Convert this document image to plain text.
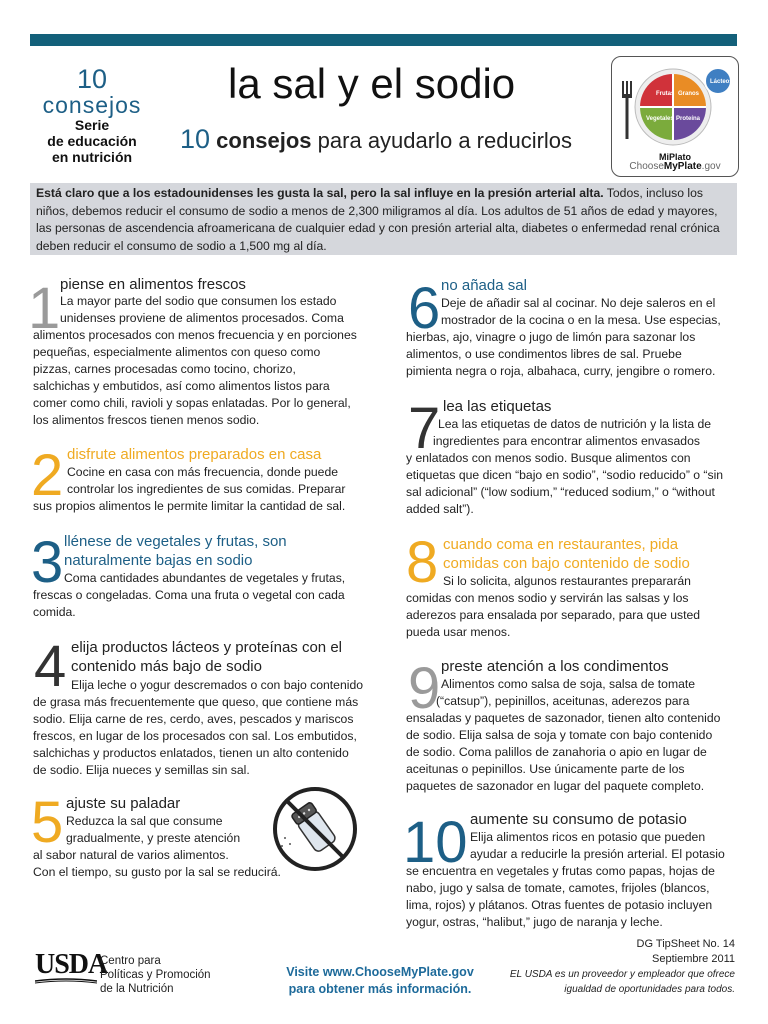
10
consejos
Serie
de educación
en nutrición
la sal y el sodio
10 consejos para ayudarlo a reducirlos
Frutas Granos
Vegetales Proteína
Lácteos
MiPlato
ChooseMyPlate.gov
Está claro que a los estadounidenses les gusta la sal, pero la sal influye en la presión arterial alta. Todos, incluso los niños, debemos reducir el consumo de sodio a menos de 2,300 miligramos al día. Los adultos de 51 años de edad y mayores, las personas de ascendencia afroamericana de cualquier edad y con presión arterial alta, diabetes o enfermedad renal crónica deben reducir el consumo de sodio a 1,500 mg al día.
1 piense en alimentos frescos
La mayor parte del sodio que consumen los estado
unidenses proviene de alimentos procesados. Coma
alimentos procesados con menos frecuencia y en porciones
pequeñas, especialmente alimentos con queso como
pizzas, carnes procesadas como tocino, chorizo,
salchichas y embutidos, así como alimentos listos para
comer como chili, ravioli y sopas enlatadas. Por lo general,
los alimentos frescos tienen menos sodio.
2 disfrute alimentos preparados en casa
Cocine en casa con más frecuencia, donde puede
controlar los ingredientes de sus comidas. Preparar
sus propios alimentos le permite limitar la cantidad de sal.
3 llénese de vegetales y frutas, son
naturalmente bajas en sodio
Coma cantidades abundantes de vegetales y frutas,
frescas o congeladas. Coma una fruta o vegetal con cada
comida.
4 elija productos lácteos y proteínas con el
contenido más bajo de sodio
Elija leche o yogur descremados o con bajo contenido
de grasa más frecuentemente que queso, que contiene más
sodio. Elija carne de res, cerdo, aves, pescados y mariscos
frescos, en lugar de los procesados con sal. Los embutidos,
salchichas y productos enlatados, tienen un alto contenido
de sodio. Elija nueces y semillas sin sal.
5 ajuste su paladar
Reduzca la sal que consume
gradualmente, y preste atención
al sabor natural de varios alimentos.
Con el tiempo, su gusto por la sal se reducirá.
6 no añada sal
Deje de añadir sal al cocinar. No deje saleros en el
mostrador de la cocina o en la mesa. Use especias,
hierbas, ajo, vinagre o jugo de limón para sazonar los
alimentos, o use condimentos libres de sal. Pruebe
pimienta negra o roja, albahaca, curry, jengibre o romero.
7 lea las etiquetas
Lea las etiquetas de datos de nutrición y la lista de
ingredientes para encontrar alimentos envasados
y enlatados con menos sodio. Busque alimentos con
etiquetas que dicen “bajo en sodio”, “sodio reducido” o “sin
sal adicional” (“low sodium,” “reduced sodium,” o “without
added salt”).
8 cuando coma en restaurantes, pida
comidas con bajo contenido de sodio
Si lo solicita, algunos restaurantes prepararán
comidas con menos sodio y servirán las salsas y los
aderezos para ensalada por separado, para que usted
pueda usar menos.
9 preste atención a los condimentos
Alimentos como salsa de soja, salsa de tomate
(“catsup”), pepinillos, aceitunas, aderezos para
ensaladas y paquetes de sazonador, tienen alto contenido
de sodio. Elija salsa de soja y tomate con bajo contenido
de sodio. Coma palillos de zanahoria o apio en lugar de
aceitunas o pepinillos. Use únicamente parte de los
paquetes de sazonador en lugar del paquete completo.
10 aumente su consumo de potasio
Elija alimentos ricos en potasio que pueden
ayudar a reducirle la presión arterial. El potasio
se encuentra en vegetales y frutas como papas, hojas de
nabo, jugo y salsa de tomate, camotes, frijoles (blancos,
lima, rojos) y plátanos. Otras fuentes de potasio incluyen
yogur, ostras, “halibut,” jugo de naranja y leche.
USDA
Centro para
Políticas y Promoción
de la Nutrición
Visite www.ChooseMyPlate.gov
para obtener más información.
DG TipSheet No. 14
Septiembre 2011
EL USDA es un proveedor y empleador que ofrece
igualdad de oportunidades para todos.
